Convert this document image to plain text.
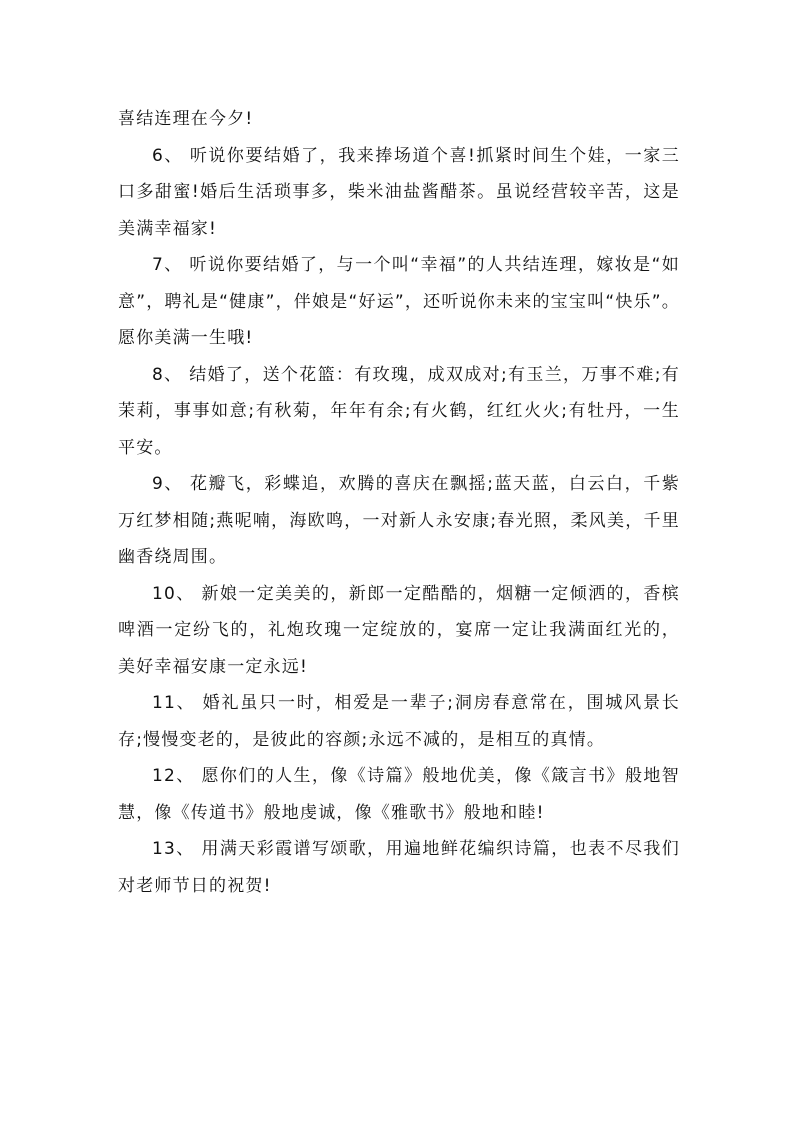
喜结连理在今夕!

6、 听说你要结婚了，我来捧场道个喜!抓紧时间生个娃，一家三口多甜蜜!婚后生活琐事多，柴米油盐酱醋茶。虽说经营较辛苦，这是美满幸福家!

7、 听说你要结婚了，与一个叫“幸福”的人共结连理，嫁妆是“如意”，聘礼是“健康”，伴娘是“好运”，还听说你未来的宝宝叫“快乐”。愿你美满一生哦!

8、 结婚了，送个花篮：有玫瑰，成双成对;有玉兰，万事不难;有茉莉，事事如意;有秋菊，年年有余;有火鹤，红红火火;有牡丹，一生平安。

9、 花瓣飞，彩蝶追，欢腾的喜庆在飘摇;蓝天蓝，白云白，千紫万红梦相随;燕呢喃，海欧鸣，一对新人永安康;春光照，柔风美，千里幽香绕周围。

10、 新娘一定美美的，新郎一定酷酷的，烟糖一定倾洒的，香槟啤酒一定纷飞的，礼炮玫瑰一定绽放的，宴席一定让我满面红光的，美好幸福安康一定永远!

11、 婚礼虽只一时，相爱是一辈子;洞房春意常在，围城风景长存;慢慢变老的，是彼此的容颜;永远不减的，是相互的真情。

12、 愿你们的人生，像《诗篇》般地优美，像《箴言书》般地智慧，像《传道书》般地虔诚，像《雅歌书》般地和睦!

13、 用满天彩霞谱写颂歌，用遍地鲜花编织诗篇，也表不尽我们对老师节日的祝贺!
